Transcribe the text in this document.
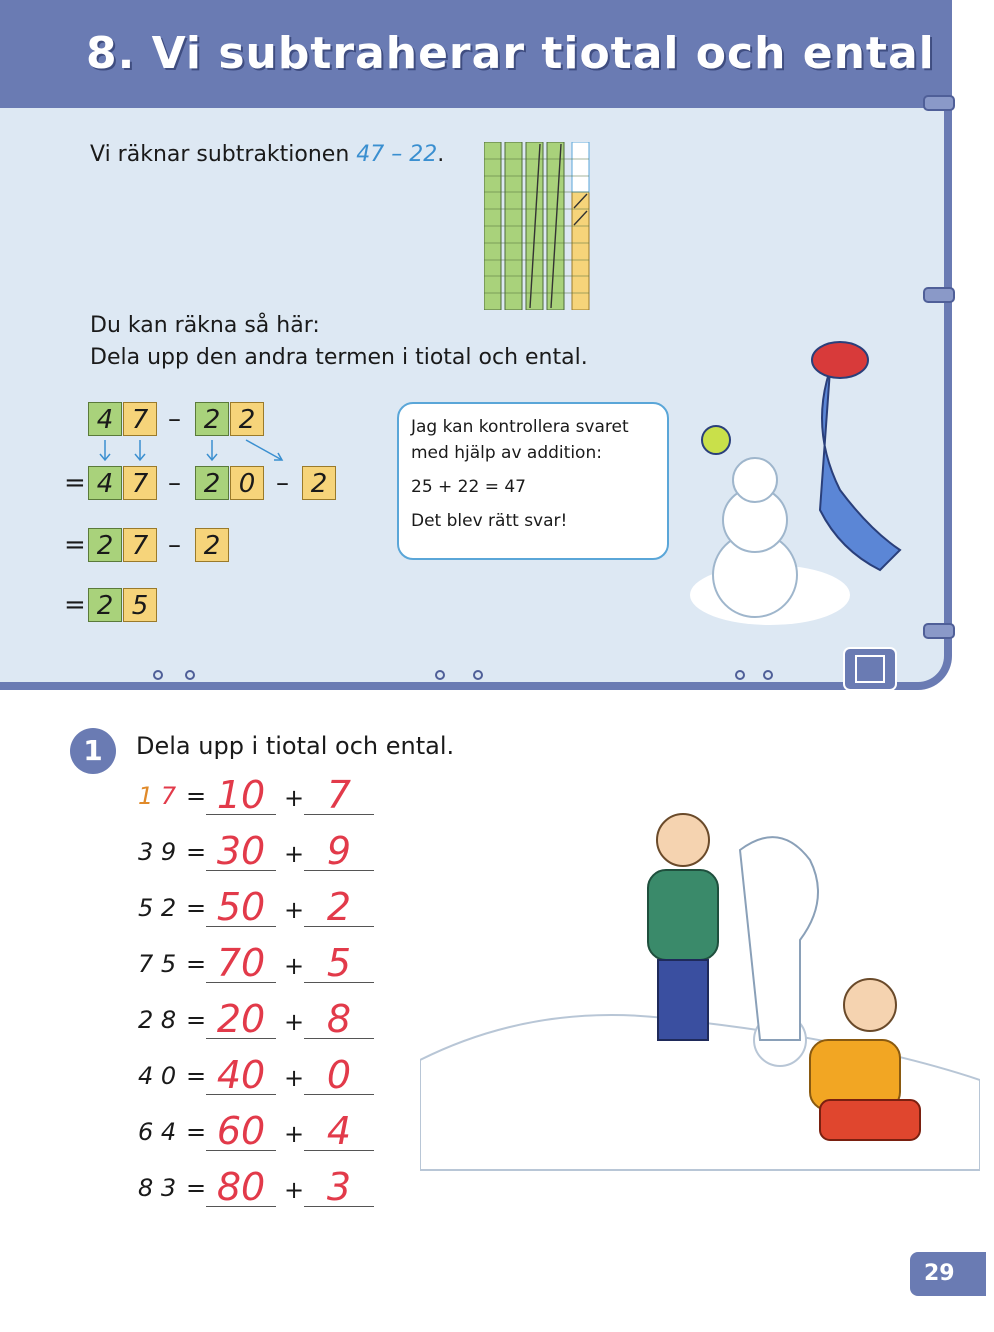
8. Vi subtraherar tiotal och ental
Vi räknar subtraktionen 47 – 22.
Du kan räkna så här:
Dela upp den andra termen i tiotal och ental.
4 7 – 2 2
= 4 7 – 2 0 – 2
= 2 7 – 2
= 2 5

Jag kan kontrollera svaret

med hjälp av addition:

25 + 22 = 47

Det blev rätt svar!

1	Dela upp i tiotal och ental.
1 7 = 10 + 7
3 9 = 30 + 9
5 2 = 50 + 2
7 5 = 70 + 5
2 8 = 20 + 8
4 0 = 40 + 0
6 4 = 60 + 4
8 3 = 80 + 3
29
